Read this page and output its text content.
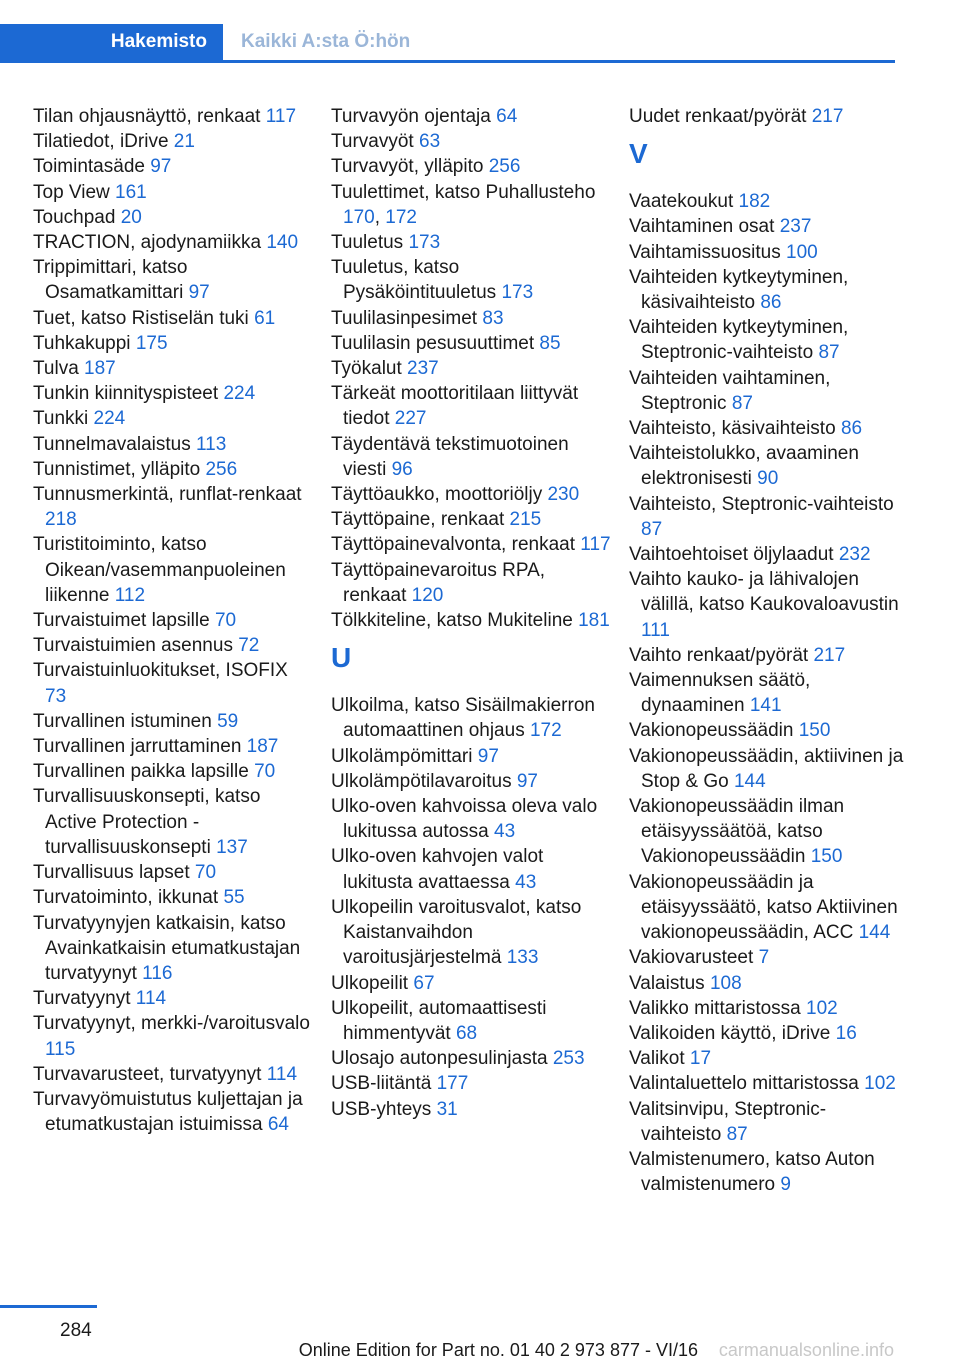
Hakemisto Kaikki A:sta Ö:hön
Tilan ohjausnäyttö, renkaat 117
Tilatiedot, iDrive 21
Toimintasäde 97
Top View 161
Touchpad 20
TRACTION, ajodynamiikka 140
Trippimittari, katso Osamatkamittari 97
Tuet, katso Ristiselän tuki 61
Tuhkakuppi 175
Tulva 187
Tunkin kiinnityspisteet 224
Tunkki 224
Tunnelmavalaistus 113
Tunnistimet, ylläpito 256
Tunnusmerkintä, runflat-renkaat 218
Turistitoiminto, katso Oikean/vasemmanpuoleinen liikenne 112
Turvaistuimet lapsille 70
Turvaistuimien asennus 72
Turvaistuinluokitukset, ISOFIX 73
Turvallinen istuminen 59
Turvallinen jarruttaminen 187
Turvallinen paikka lapsille 70
Turvallisuuskonsepti, katso Active Protection -turvallisuuskonsepti 137
Turvallisuus lapset 70
Turvatoiminto, ikkunat 55
Turvatyynyjen katkaisin, katso Avainkatkaisin etumatkustajan turvatyynyt 116
Turvatyynyt 114
Turvatyynyt, merkki-/varoitusvalo 115
Turvavarusteet, turvatyynyt 114
Turvavyömuistutus kuljettajan ja etumatkustajan istuimissa 64
Turvavyön ojentaja 64
Turvavyöt 63
Turvavyöt, ylläpito 256
Tuulettimet, katso Puhallusteho 170, 172
Tuuletus 173
Tuuletus, katso Pysäköintituuletus 173
Tuulilasinpesimet 83
Tuulilasin pesusuuttimet 85
Työkalut 237
Tärkeät moottoritilaan liittyvät tiedot 227
Täydentävä tekstimuotoinen viesti 96
Täyttöaukko, moottoriöljy 230
Täyttöpaine, renkaat 215
Täyttöpainevalvonta, renkaat 117
Täyttöpainevaroitus RPA, renkaat 120
Tölkkiteline, katso Mukiteline 181
U
Ulkoilma, katso Sisäilmakierron automaattinen ohjaus 172
Ulkolämpömittari 97
Ulkolämpötilavaroitus 97
Ulko-oven kahvoissa oleva valo lukitussa autossa 43
Ulko-oven kahvojen valot lukitusta avattaessa 43
Ulkopeilin varoitusvalot, katso Kaistanvaihdon varoitusjärjestelmä 133
Ulkopeilit 67
Ulkopeilit, automaattisesti himmentyvät 68
Ulosajo autonpesulinjasta 253
USB-liitäntä 177
USB-yhteys 31
Uudet renkaat/pyörät 217
V
Vaatekoukut 182
Vaihtaminen osat 237
Vaihtamissuositus 100
Vaihteiden kytkeytyminen, käsivaihteisto 86
Vaihteiden kytkeytyminen, Steptronic-vaihteisto 87
Vaihteiden vaihtaminen, Steptronic 87
Vaihteisto, käsivaihteisto 86
Vaihteistolukko, avaaminen elektronisesti 90
Vaihteisto, Steptronic-vaihteisto 87
Vaihtoehtoiset öljylaadut 232
Vaihto kauko- ja lähivalojen välillä, katso Kaukovaloavustin 111
Vaihto renkaat/pyörät 217
Vaimennuksen säätö, dynaaminen 141
Vakionopeussäädin 150
Vakionopeussäädin, aktiivinen ja Stop & Go 144
Vakionopeussäädin ilman etäisyyssäätöä, katso Vakionopeussäädin 150
Vakionopeussäädin ja etäisyyssäätö, katso Aktiivinen vakionopeussäädin, ACC 144
Vakiovarusteet 7
Valaistus 108
Valikko mittaristossa 102
Valikoiden käyttö, iDrive 16
Valikot 17
Valintaluettelo mittaristossa 102
Valitsinvipu, Steptronic-vaihteisto 87
Valmistenumero, katso Auton valmistenumero 9
284
Online Edition for Part no. 01 40 2 973 877 - VI/16 carmanualsonline.info
